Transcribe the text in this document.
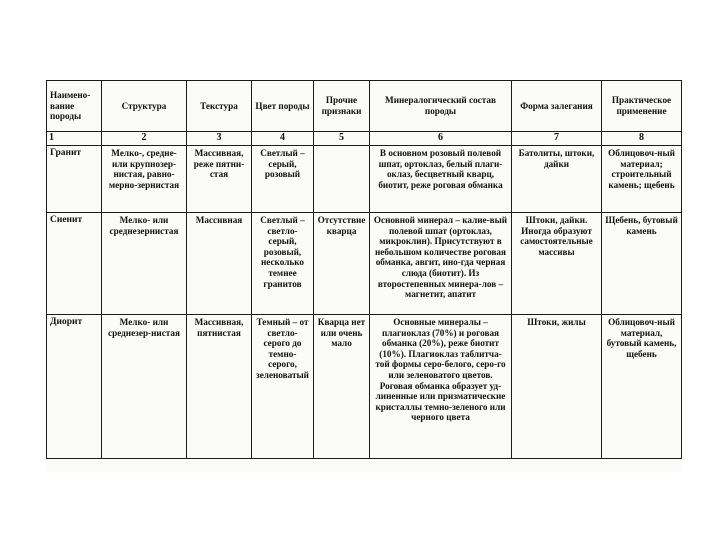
Наимено-вание породы	Структура	Текстура	Цвет породы	Прочие признаки	Минералогический состав породы	Форма залегания	Практическое применение
1	2	3	4	5	6	7	8
Гранит	Мелко-, средне- или крупнозер-нистая, равно-мерно-зернистая	Массивная, реже пятни-стая	Светлый – серый, розовый		В основном розовый полевой шпат, ортоклаз, белый плаги-оклаз, бесцветный кварц, биотит, реже роговая обманка	Батолиты, штоки, дайки	Облицовоч-ный материал; строительный камень; щебень
Сиенит	Мелко- или среднезернистая	Массивная	Светлый – светло-серый, розовый, несколько темнее гранитов	Отсутствие кварца	Основной минерал – калие-вый полевой шпат (ортоклаз, микроклин). Присутствуют в небольшом количестве роговая обманка, авгит, ино-гда черная слюда (биотит). Из второстепенных минера-лов – магнетит, апатит	Штоки, дайки. Иногда образуют самостоятельные массивы	Щебень, бутовый камень
Диорит	Мелко- или среднезер-нистая	Массивная, пятнистая	Темный – от светло-серого до темно-серого, зеленоватый	Кварца нет или очень мало	Основные минералы – плагиоклаз (70%) и роговая обманка (20%), реже биотит (10%). Плагиоклаз таблитча-той формы серо-белого, серо-го или зеленоватого цветов. Роговая обманка образует уд-линенные или призматические кристаллы темно-зеленого или черного цвета	Штоки, жилы	Облицовоч-ный материал, бутовый камень, щебень
